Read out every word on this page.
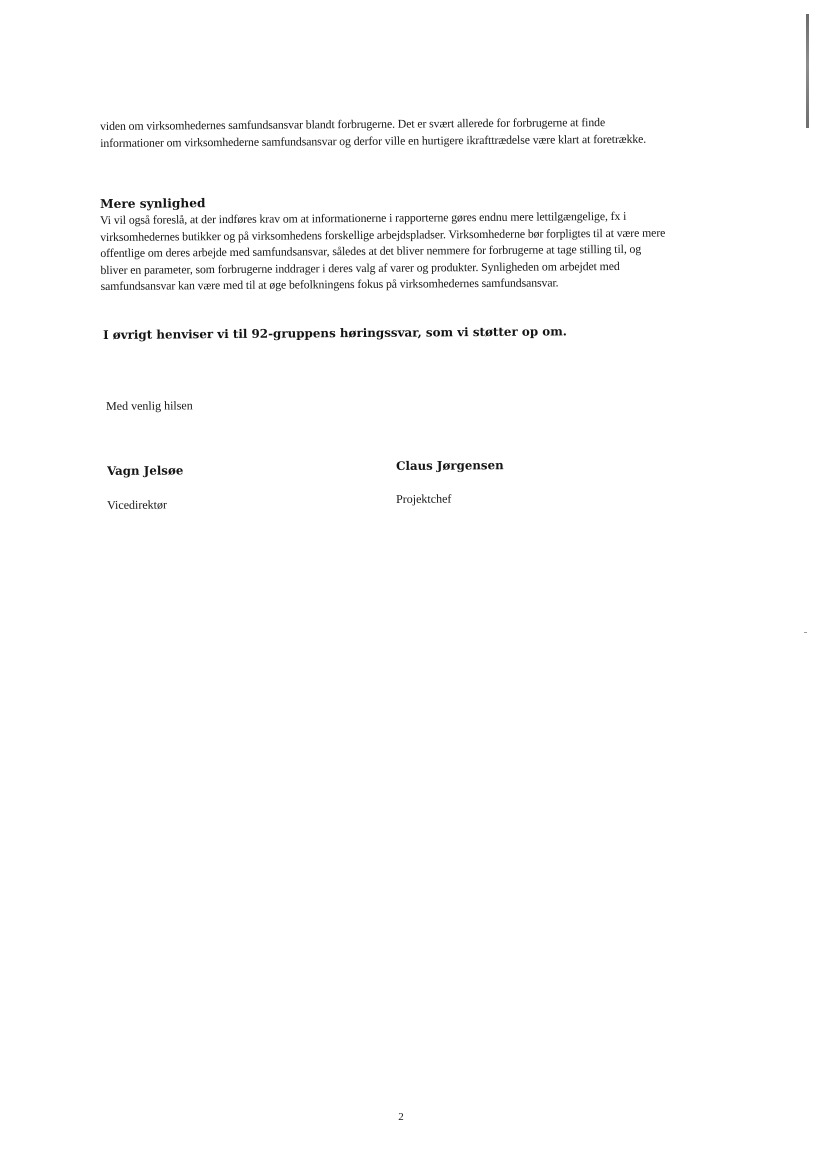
viden om virksomhedernes samfundsansvar blandt forbrugerne. Det er svært allerede for forbrugerne at finde informationer om virksomhederne samfundsansvar og derfor ville en hurtigere ikrafttrædelse være klart at foretrække.

Mere synlighed

Vi vil også foreslå, at der indføres krav om at informationerne i rapporterne gøres endnu mere lettilgængelige, fx i virksomhedernes butikker og på virksomhedens forskellige arbejdspladser. Virksomhederne bør forpligtes til at være mere offentlige om deres arbejde med samfundsansvar, således at det bliver nemmere for forbrugerne at tage stilling til, og bliver en parameter, som forbrugerne inddrager i deres valg af varer og produkter. Synligheden om arbejdet med samfundsansvar kan være med til at øge befolkningens fokus på virksomhedernes samfundsansvar.

I øvrigt henviser vi til 92-gruppens høringssvar, som vi støtter op om.

Med venlig hilsen

Vagn Jelsøe

Vicedirektør

Claus Jørgensen

Projektchef

2
